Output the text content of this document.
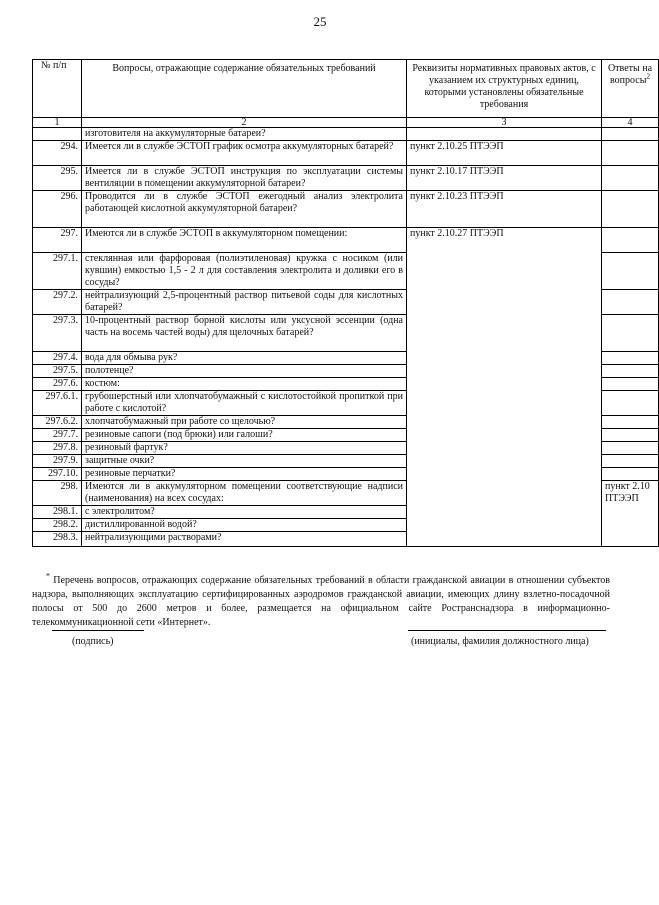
25
№ п/п	Вопросы, отражающие содержание обязательных требований	Реквизиты нормативных правовых актов, с указанием их структурных единиц, которыми установлены обязательные требования	Ответы на вопросы$^2$
1	2	3	4	
	изготовителя на аккумуляторные батареи?			
294.	Имеется ли в службе ЭСТОП график осмотра аккумуляторных батарей?	пункт 2.10.25 ПТЭЭП		
295.	Имеется ли в службе ЭСТОП инструкция по эксплуатации системы вентиляции в помещении аккумуляторной батареи?	пункт 2.10.17 ПТЭЭП		
296.	Проводится ли в службе ЭСТОП ежегодный анализ электролита работающей кислотной аккумуляторной батареи?	пункт 2.10.23 ПТЭЭП		
297.	Имеются ли в службе ЭСТОП в аккумуляторном помещении:	пункт 2.10.27 ПТЭЭП		
297.1.	стеклянная или фарфоровая (полиэтиленовая) кружка с носиком (или кувшин) емкостью 1,5 - 2 л для составления электролита и доливки его в сосуды?			
297.2.	нейтрализующий 2,5-процентный раствор питьевой соды для кислотных батарей?			
297.3.	10-процентный раствор борной кислоты или уксусной эссенции (одна часть на восемь частей воды) для щелочных батарей?			
297.4.	вода для обмыва рук?			
297.5.	полотенце?			
297.6.	костюм:			
297.6.1.	грубошерстный или хлопчатобумажный с кислотостойкой пропиткой при работе с кислотой?			
297.6.2.	хлопчатобумажный при работе со щелочью?			
297.7.	резиновые сапоги (под брюки) или галоши?			
297.8.	резиновый фартук?			
297.9.	защитные очки?			
297.10.	резиновые перчатки?			
298.	Имеются ли в аккумуляторном помещении соответствующие надписи (наименования) на всех сосудах:		пункт 2.10 ПТЭЭП	
298.1.	с электролитом?			
298.2.	дистиллированной водой?			
298.3.	нейтрализующими растворами?			
* Перечень вопросов, отражающих содержание обязательных требований в области гражданской авиации в отношении субъектов надзора, выполняющих эксплуатацию сертифицированных аэродромов гражданской авиации, имеющих длину взлетно-посадочной полосы от 500 до 2600 метров и более, размещается на официальном сайте Ространснадзора в информационно-телекоммуникационной сети «Интернет».
(подпись)	(инициалы, фамилия должностного лица)
